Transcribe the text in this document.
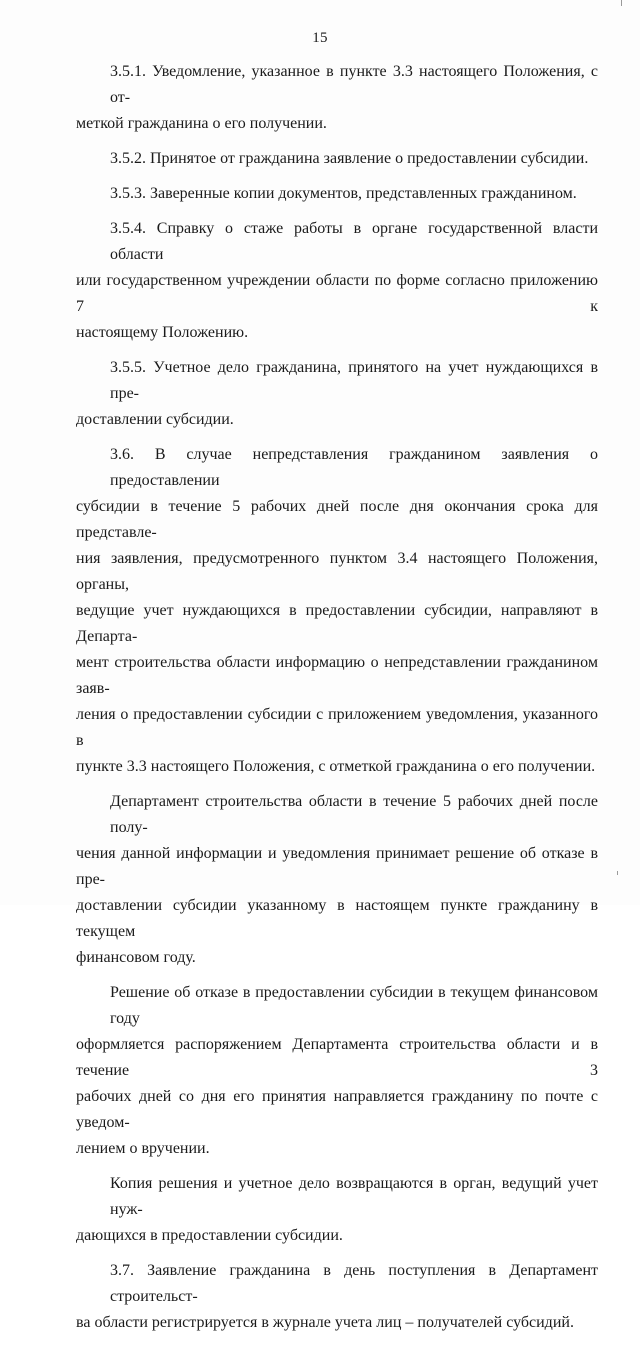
15
3.5.1. Уведомление, указанное в пункте 3.3 настоящего Положения, с от-
меткой гражданина о его получении.
3.5.2. Принятое от гражданина заявление о предоставлении субсидии.
3.5.3. Заверенные копии документов, представленных гражданином.
3.5.4. Справку о стаже работы в органе государственной власти области
или государственном учреждении области по форме согласно приложению 7 к
настоящему Положению.
3.5.5. Учетное дело гражданина, принятого на учет нуждающихся в пре-
доставлении субсидии.
3.6. В случае непредставления гражданином заявления о предоставлении
субсидии в течение 5 рабочих дней после дня окончания срока для представле-
ния заявления, предусмотренного пунктом 3.4 настоящего Положения, органы,
ведущие учет нуждающихся в предоставлении субсидии, направляют в Департа-
мент строительства области информацию о непредставлении гражданином заяв-
ления о предоставлении субсидии с приложением уведомления, указанного в
пункте 3.3 настоящего Положения, с отметкой гражданина о его получении.
Департамент строительства области в течение 5 рабочих дней после полу-
чения данной информации и уведомления принимает решение об отказе в пре-
доставлении субсидии указанному в настоящем пункте гражданину в текущем
финансовом году.
Решение об отказе в предоставлении субсидии в текущем финансовом году
оформляется распоряжением Департамента строительства области и в течение 3
рабочих дней со дня его принятия направляется гражданину по почте с уведом-
лением о вручении.
Копия решения и учетное дело возвращаются в орган, ведущий учет нуж-
дающихся в предоставлении субсидии.
3.7. Заявление гражданина в день поступления в Департамент строительст-
ва области регистрируется в журнале учета лиц – получателей субсидий.
